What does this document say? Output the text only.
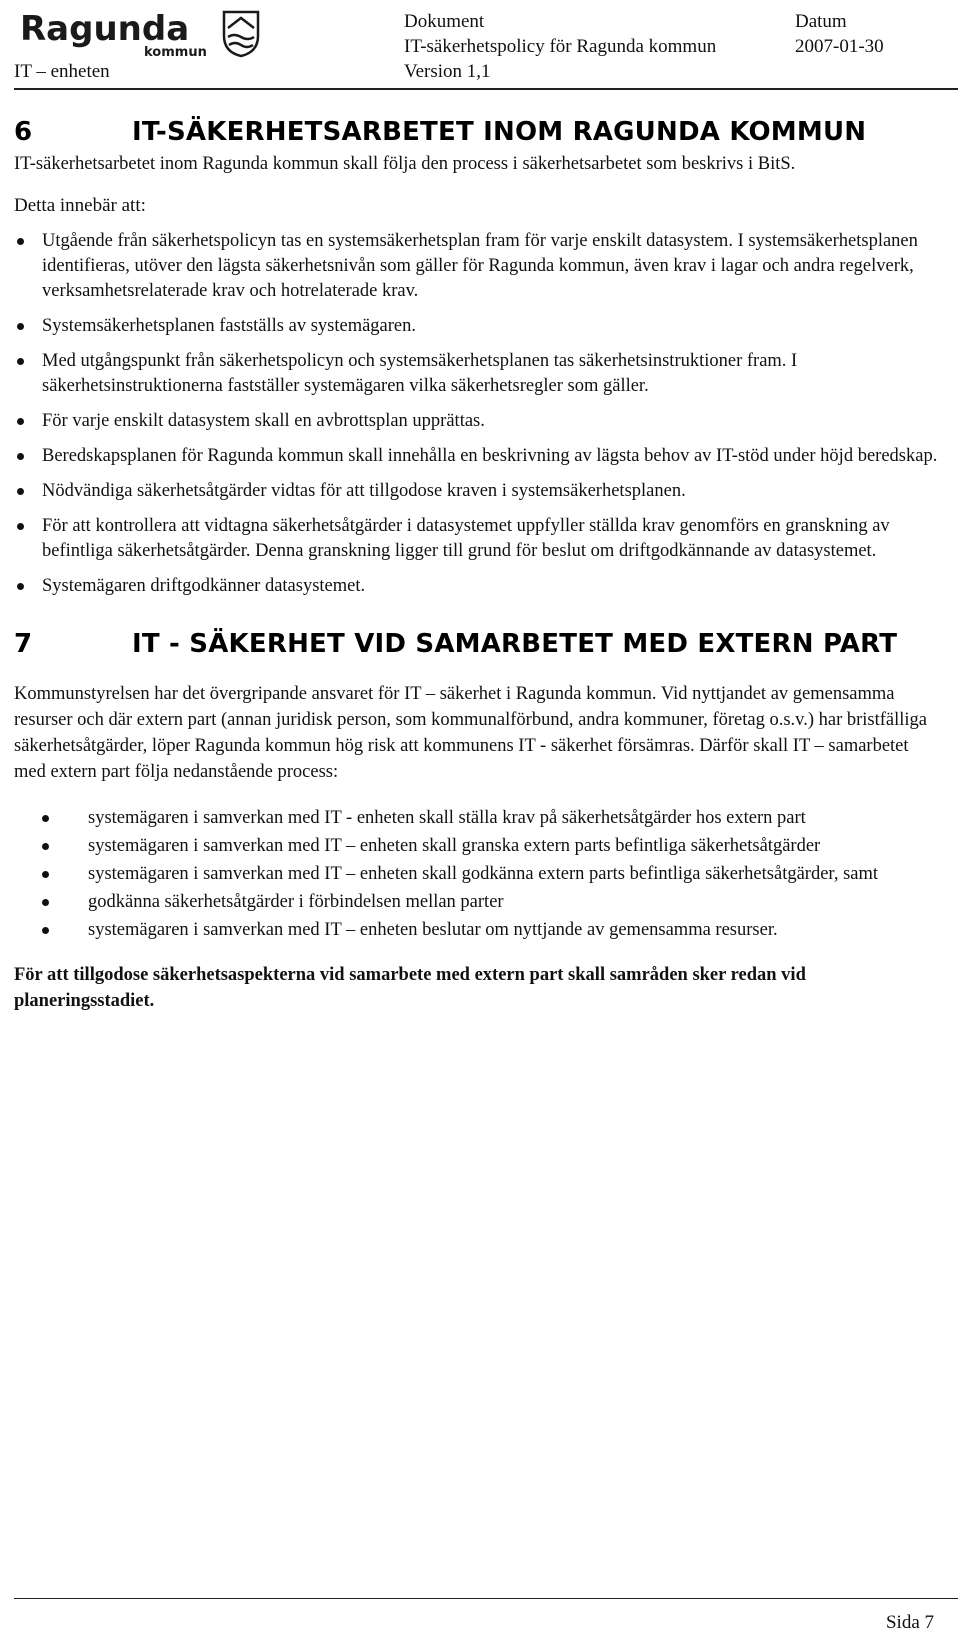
Ragunda
kommun
IT – enheten
Dokument
IT-säkerhetspolicy för Ragunda kommun
Version 1,1
Datum
2007-01-30
6	IT-SÄKERHETSARBETET INOM RAGUNDA KOMMUN

IT-säkerhetsarbetet inom Ragunda kommun skall följa den process i säkerhetsarbetet som beskrivs i BitS.

Detta innebär att:

Utgående från säkerhetspolicyn tas en systemsäkerhetsplan fram för varje enskilt datasystem. I systemsäkerhetsplanen identifieras, utöver den lägsta säkerhetsnivån som gäller för Ragunda kommun, även krav i lagar och andra regelverk, verksamhetsrelaterade krav och hotrelaterade krav.
Systemsäkerhetsplanen fastställs av systemägaren.
Med utgångspunkt från säkerhetspolicyn och systemsäkerhetsplanen tas säkerhetsinstruktioner fram. I säkerhetsinstruktionerna fastställer systemägaren vilka säkerhetsregler som gäller.
För varje enskilt datasystem skall en avbrottsplan upprättas.
Beredskapsplanen för Ragunda kommun skall innehålla en beskrivning av lägsta behov av IT-stöd under höjd beredskap.
Nödvändiga säkerhetsåtgärder vidtas för att tillgodose kraven i systemsäkerhetsplanen.
För att kontrollera att vidtagna säkerhetsåtgärder i datasystemet uppfyller ställda krav genomförs en granskning av befintliga säkerhetsåtgärder. Denna granskning ligger till grund för beslut om driftgodkännande av datasystemet.
Systemägaren driftgodkänner datasystemet.
7	IT - SÄKERHET VID SAMARBETET MED EXTERN PART

Kommunstyrelsen har det övergripande ansvaret för IT – säkerhet i Ragunda kommun. Vid nyttjandet av gemensamma resurser och där extern part (annan juridisk person, som kommunalförbund, andra kommuner, företag o.s.v.) har bristfälliga säkerhetsåtgärder, löper Ragunda kommun hög risk att kommunens IT - säkerhet försämras. Därför skall IT – samarbetet med extern part följa nedanstående process:

systemägaren i samverkan med IT - enheten skall ställa krav på säkerhetsåtgärder hos extern part
systemägaren i samverkan med IT – enheten skall granska extern parts befintliga säkerhetsåtgärder
systemägaren i samverkan med IT – enheten skall godkänna extern parts befintliga säkerhetsåtgärder, samt
godkänna säkerhetsåtgärder i förbindelsen mellan parter
systemägaren i samverkan med IT – enheten beslutar om nyttjande av gemensamma resurser.

För att tillgodose säkerhetsaspekterna vid samarbete med extern part skall samråden sker redan vid planeringsstadiet.

Sida 7
